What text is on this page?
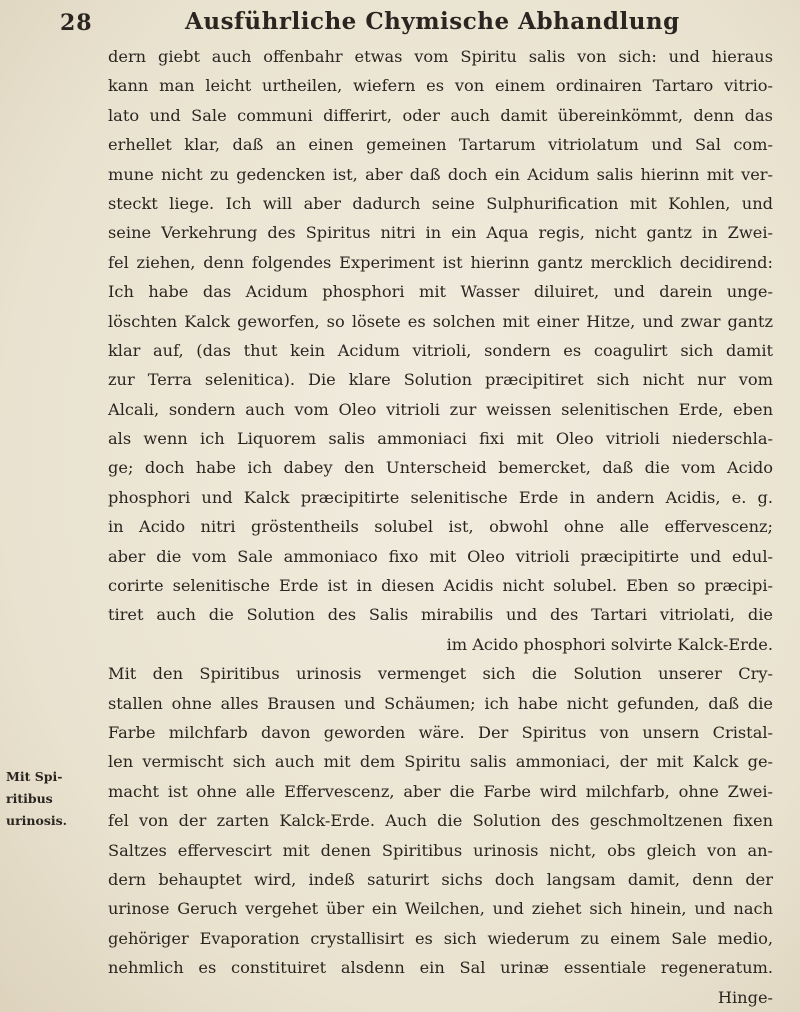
28	Ausführliche Chymische Abhandlung
Mit Spi-
ritibus
urinosis.
dern giebt auch offenbahr etwas vom Spiritu salis von sich: und hieraus
kann man leicht urtheilen, wiefern es von einem ordinairen Tartaro vitrio-
lato und Sale communi differirt, oder auch damit übereinkömmt, denn das
erhellet klar, daß an einen gemeinen Tartarum vitriolatum und Sal com-
mune nicht zu gedencken ist, aber daß doch ein Acidum salis hierinn mit ver-
steckt liege. Ich will aber dadurch seine Sulphurification mit Kohlen, und
seine Verkehrung des Spiritus nitri in ein Aqua regis, nicht gantz in Zwei-
fel ziehen, denn folgendes Experiment ist hierinn gantz mercklich decidirend:
Ich habe das Acidum phosphori mit Wasser diluiret, und darein unge-
löschten Kalck geworfen, so lösete es solchen mit einer Hitze, und zwar gantz
klar auf, (das thut kein Acidum vitrioli, sondern es coagulirt sich damit
zur Terra selenitica). Die klare Solution præcipitiret sich nicht nur vom
Alcali, sondern auch vom Oleo vitrioli zur weissen selenitischen Erde, eben
als wenn ich Liquorem salis ammoniaci fixi mit Oleo vitrioli niederschla-
ge; doch habe ich dabey den Unterscheid bemercket, daß die vom Acido
phosphori und Kalck præcipitirte selenitische Erde in andern Acidis, e. g.
in Acido nitri gröstentheils solubel ist, obwohl ohne alle effervescenz;
aber die vom Sale ammoniaco fixo mit Oleo vitrioli præcipitirte und edul-
corirte selenitische Erde ist in diesen Acidis nicht solubel. Eben so præcipi-
tiret auch die Solution des Salis mirabilis und des Tartari vitriolati, die
im Acido phosphori solvirte Kalck-Erde.
Mit den Spiritibus urinosis vermenget sich die Solution unserer Cry-
stallen ohne alles Brausen und Schäumen; ich habe nicht gefunden, daß die
Farbe milchfarb davon geworden wäre. Der Spiritus von unsern Cristal-
len vermischt sich auch mit dem Spiritu salis ammoniaci, der mit Kalck ge-
macht ist ohne alle Effervescenz, aber die Farbe wird milchfarb, ohne Zwei-
fel von der zarten Kalck-Erde. Auch die Solution des geschmoltzenen fixen
Saltzes effervescirt mit denen Spiritibus urinosis nicht, obs gleich von an-
dern behauptet wird, indeß saturirt sichs doch langsam damit, denn der
urinose Geruch vergehet über ein Weilchen, und ziehet sich hinein, und nach
gehöriger Evaporation crystallisirt es sich wiederum zu einem Sale medio,
nehmlich es constituiret alsdenn ein Sal urinæ essentiale regeneratum.
Hinge-
